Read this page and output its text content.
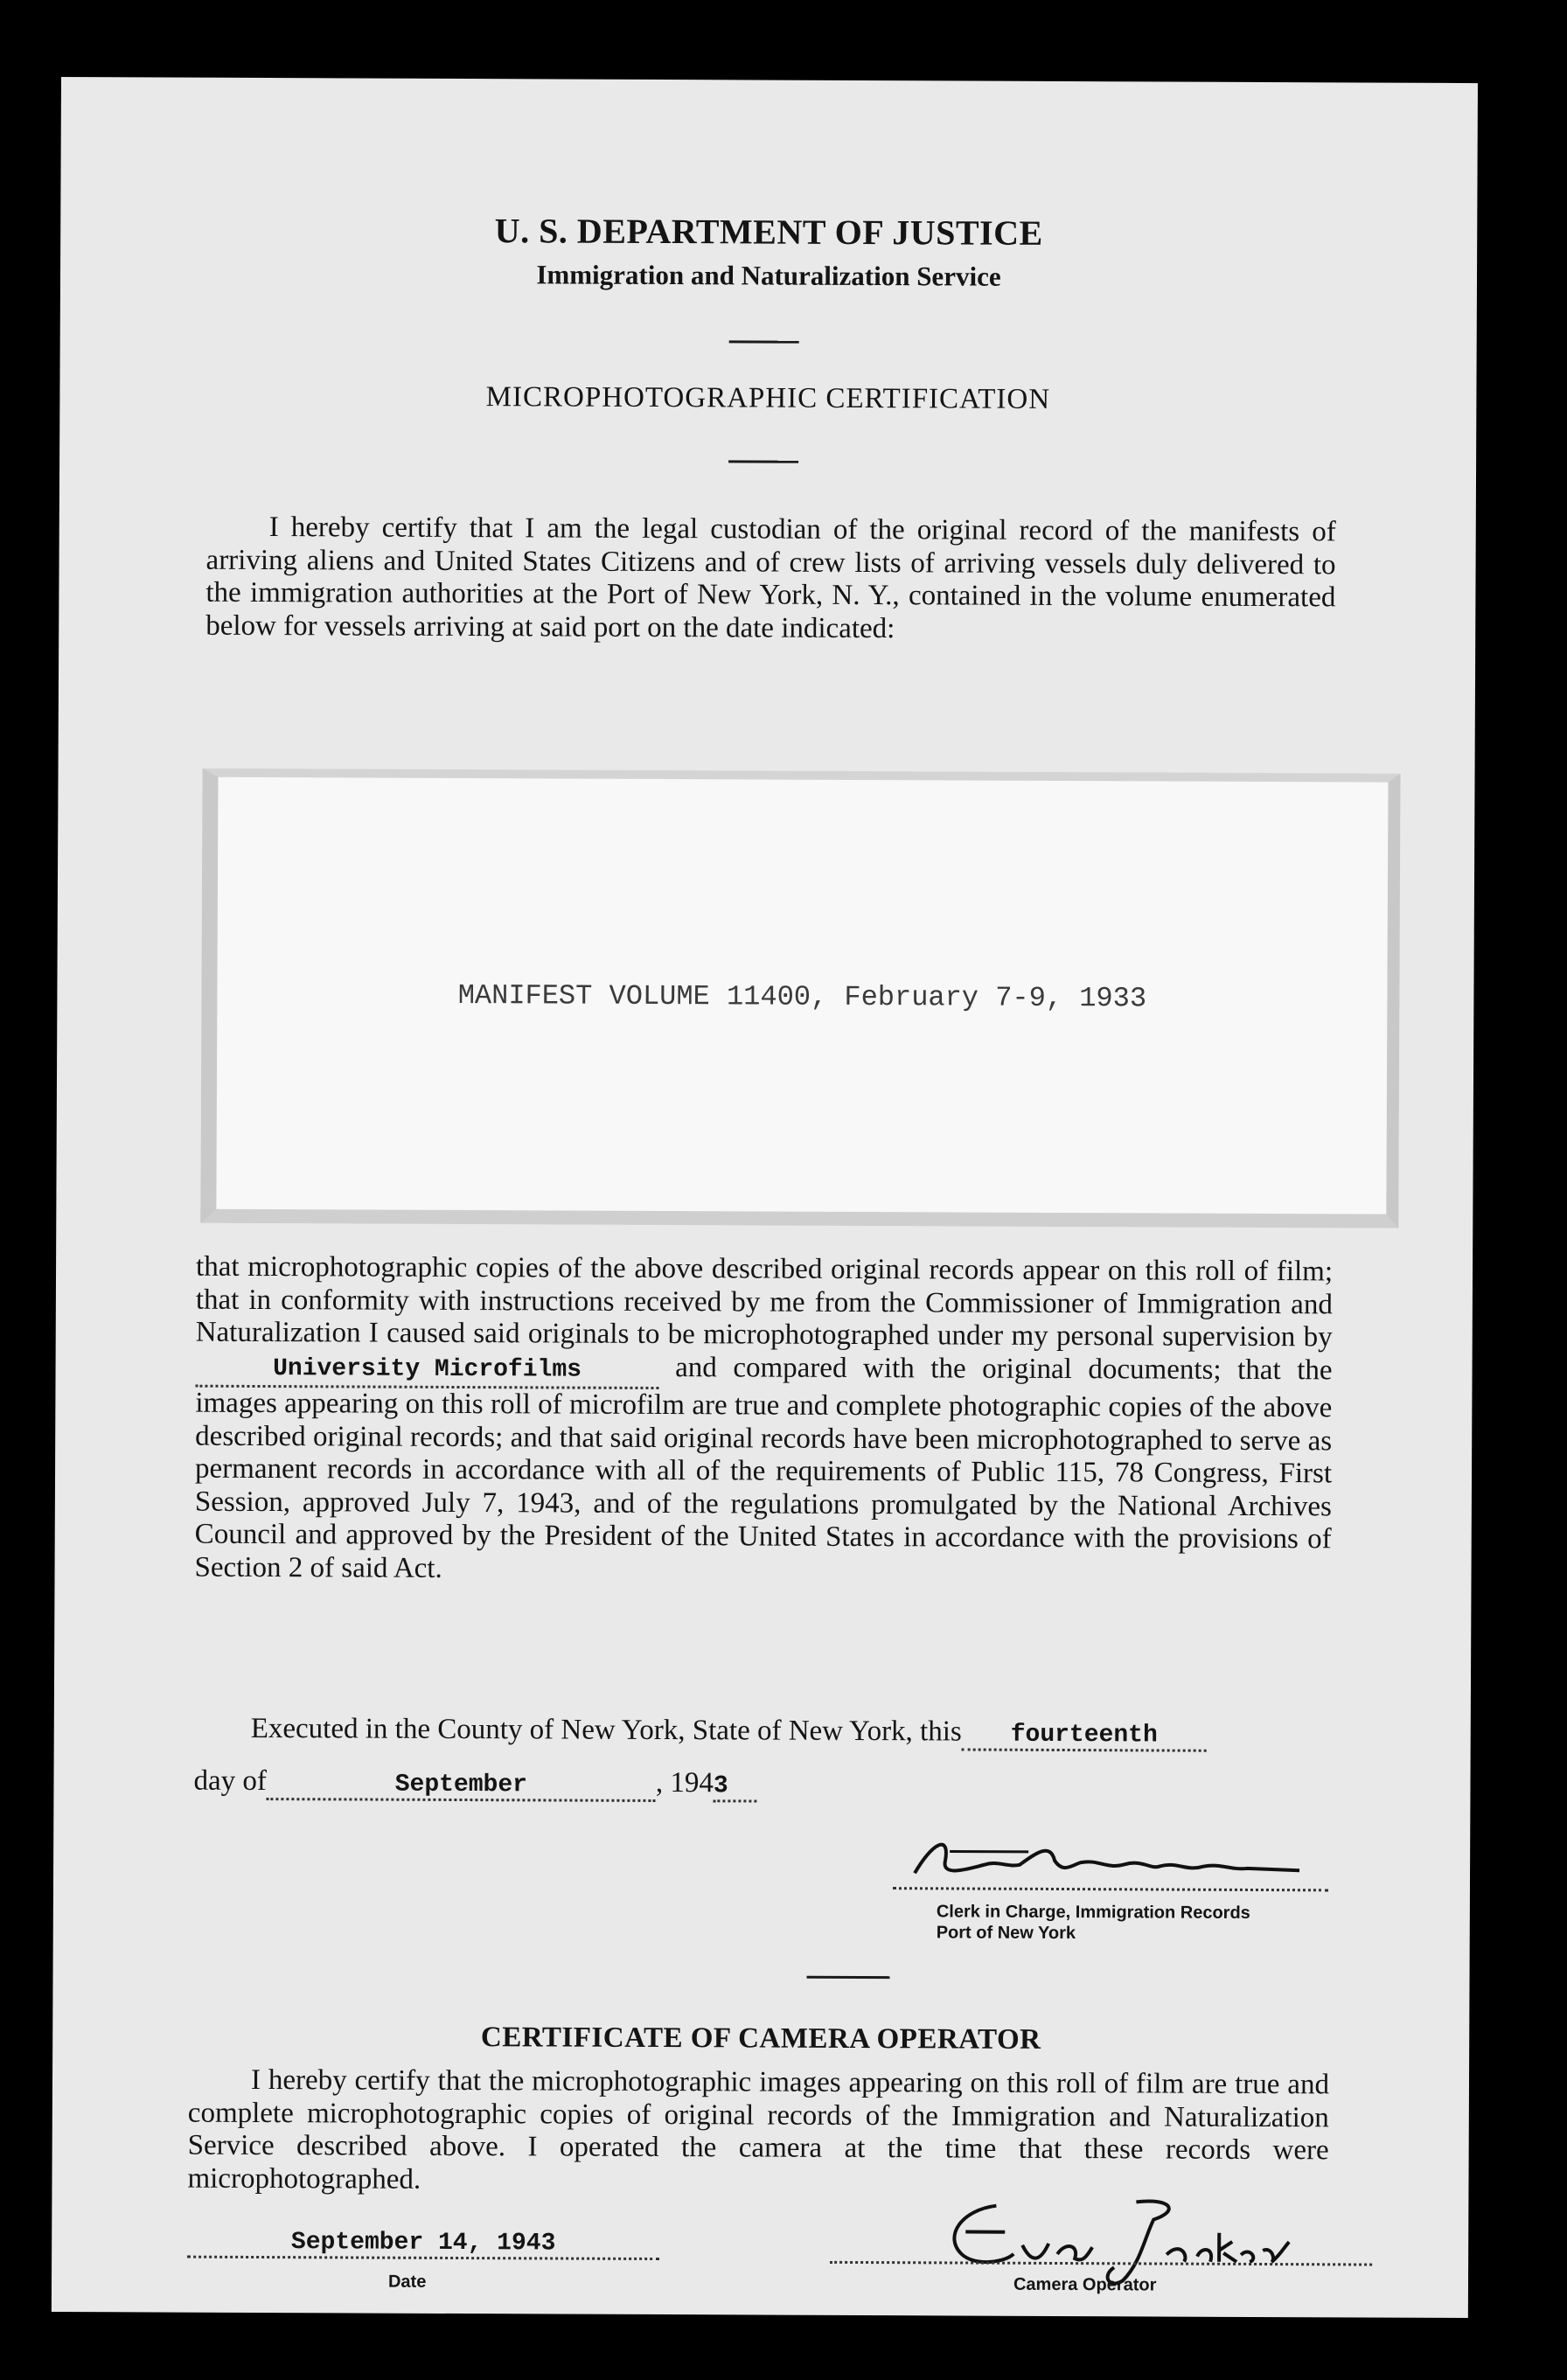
U. S. DEPARTMENT OF JUSTICE
Immigration and Naturalization Service
MICROPHOTOGRAPHIC CERTIFICATION
I hereby certify that I am the legal custodian of the original record of the manifests of arriving aliens and United States Citizens and of crew lists of arriving vessels duly delivered to the immigration authorities at the Port of New York, N. Y., contained in the volume enumerated below for vessels arriving at said port on the date indicated:
MANIFEST VOLUME 11400, February 7-9, 1933
that microphotographic copies of the above described original records appear on this roll of film; that in conformity with instructions received by me from the Commissioner of Immigration and Naturalization I caused said originals to be microphotographed under my personal supervision by University Microfilms	and compared with the original documents; that the images appearing on this roll of microfilm are true and complete photographic copies of the above described original records; and that said original records have been microphotographed to serve as permanent records in accordance with all of the requirements of Public 115, 78 Congress, First Session, approved July 7, 1943, and of the regulations promulgated by the National Archives Council and approved by the President of the United States in accordance with the provisions of Section 2 of said Act.
Executed in the County of New York, State of New York, this fourteenth
day of	September	, 1943
Clerk in Charge, Immigration Records
Port of New York
CERTIFICATE OF CAMERA OPERATOR
I hereby certify that the microphotographic images appearing on this roll of film are true and complete microphotographic copies of original records of the Immigration and Naturalization Service described above. I operated the camera at the time that these records were microphotographed.
September 14, 1943
Date	Camera Operator
